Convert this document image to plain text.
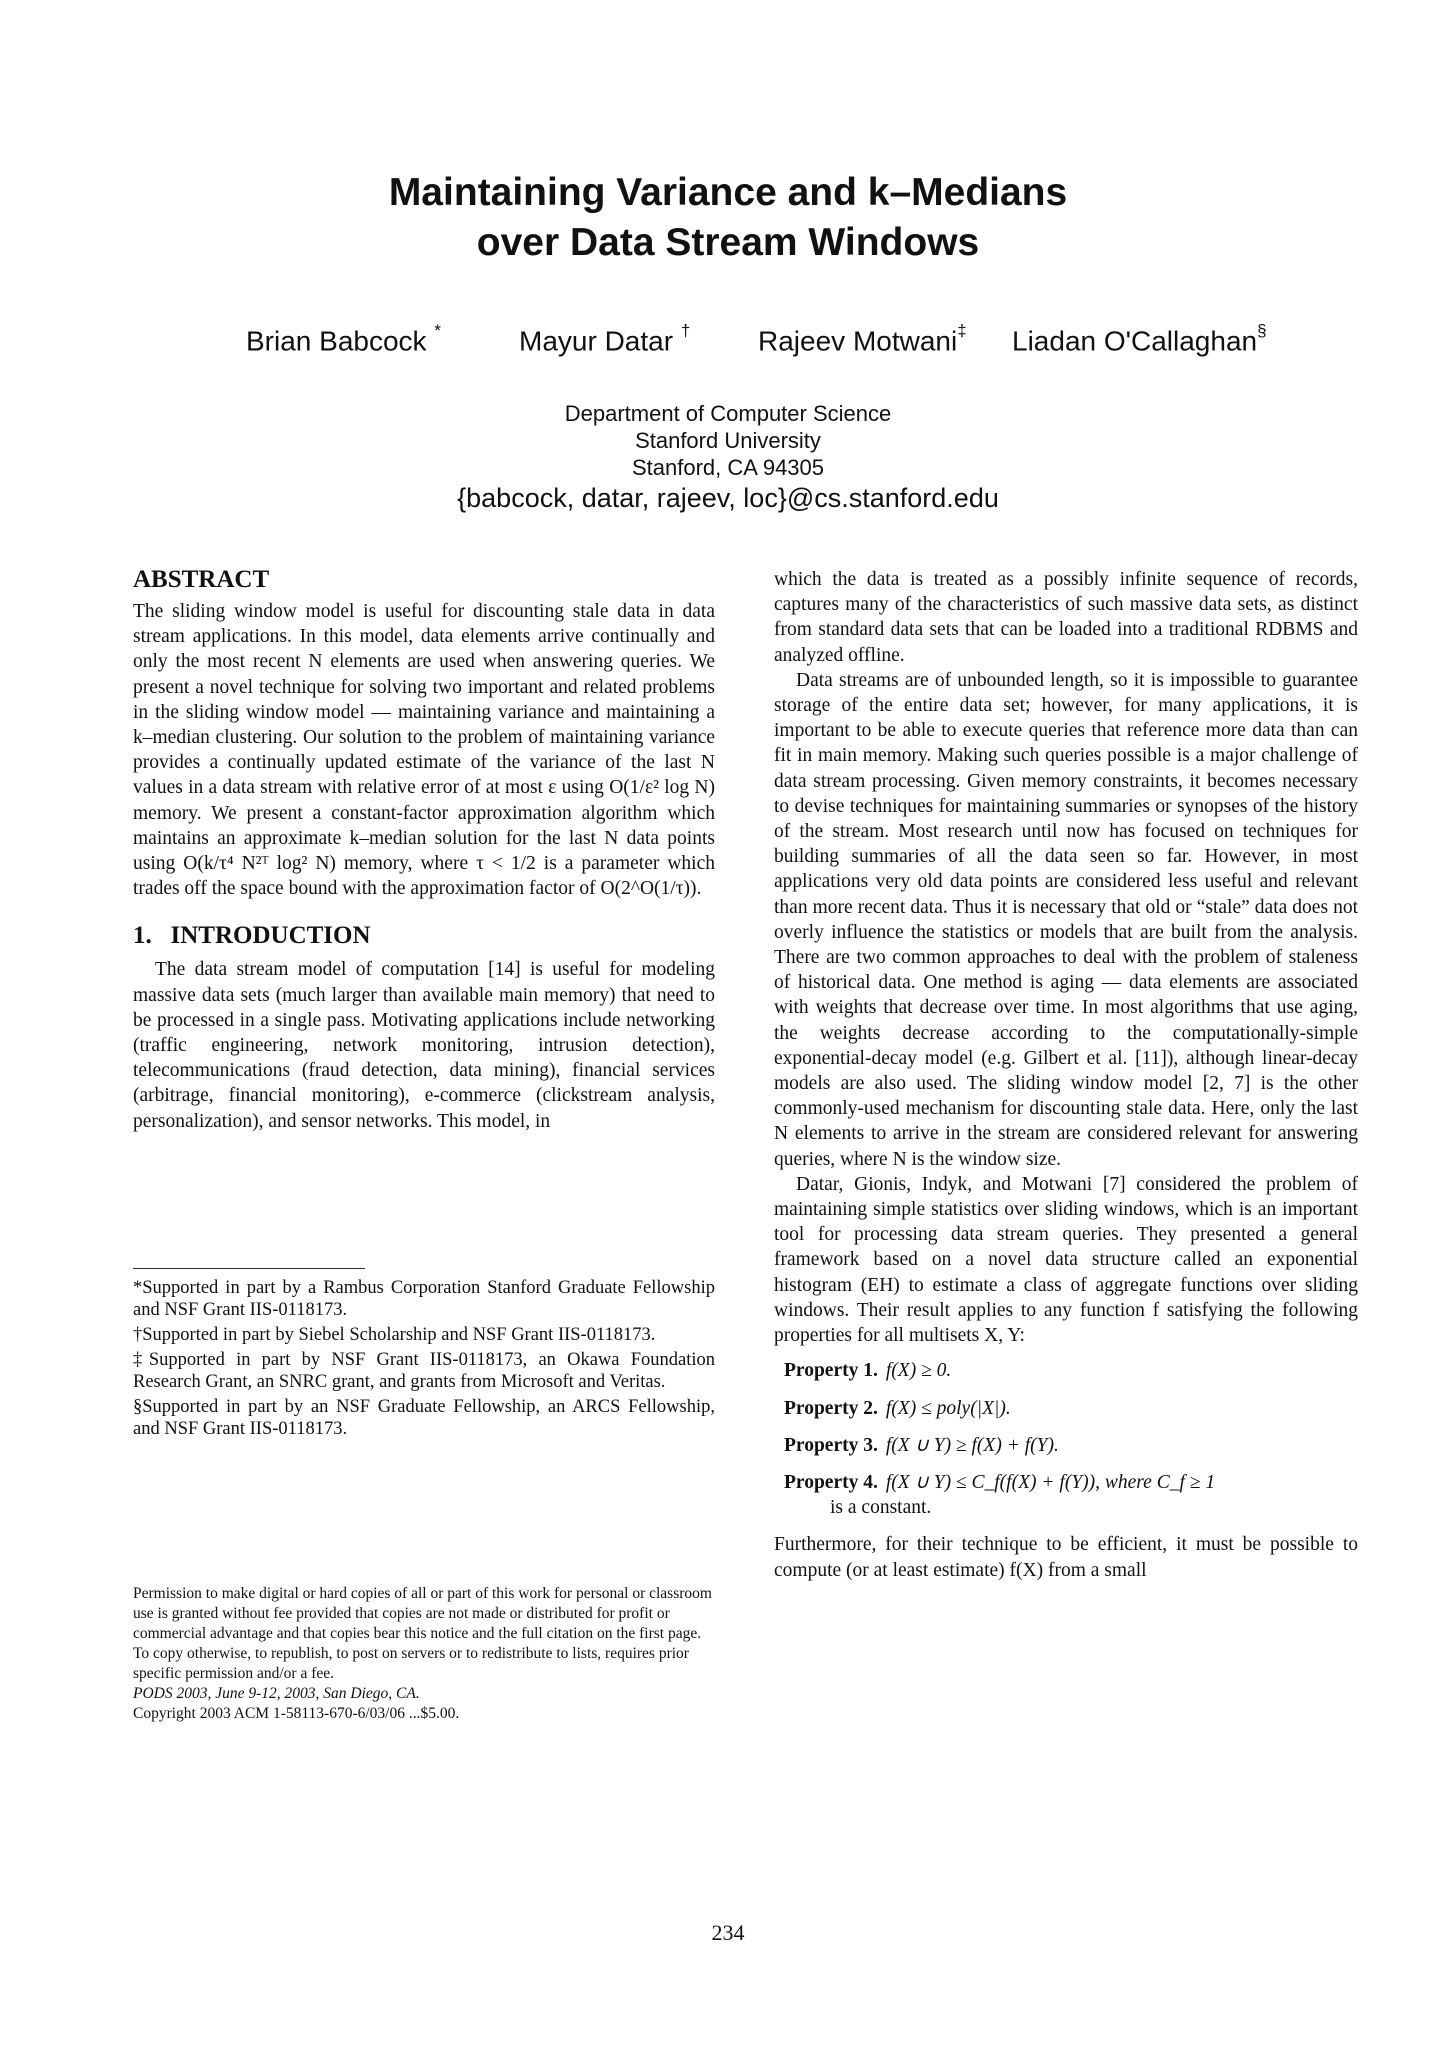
Maintaining Variance and k–Medians
over Data Stream Windows
Brian Babcock *	Mayur Datar † Rajeev Motwani‡ Liadan O'Callaghan§
Department of Computer Science
Stanford University
Stanford, CA 94305
{babcock, datar, rajeev, loc}@cs.stanford.edu
ABSTRACT

The sliding window model is useful for discounting stale data in data stream applications. In this model, data elements arrive continually and only the most recent N elements are used when answering queries. We present a novel technique for solving two important and related problems in the sliding window model — maintaining variance and maintaining a k–median clustering. Our solution to the problem of maintaining variance provides a continually updated estimate of the variance of the last N values in a data stream with relative error of at most ε using O(1/ε² log N) memory. We present a constant-factor approximation algorithm which maintains an approximate k–median solution for the last N data points using O(k/τ⁴ N²ᵀ log² N) memory, where τ < 1/2 is a parameter which trades off the space bound with the approximation factor of O(2^O(1/τ)).

1.   INTRODUCTION

The data stream model of computation [14] is useful for modeling massive data sets (much larger than available main memory) that need to be processed in a single pass. Motivating applications include networking (traffic engineering, network monitoring, intrusion detection), telecommunications (fraud detection, data mining), financial services (arbitrage, financial monitoring), e-commerce (clickstream analysis, personalization), and sensor networks. This model, in

*Supported in part by a Rambus Corporation Stanford Graduate Fellowship and NSF Grant IIS-0118173.

†Supported in part by Siebel Scholarship and NSF Grant IIS-0118173.

‡Supported in part by NSF Grant IIS-0118173, an Okawa Foundation Research Grant, an SNRC grant, and grants from Microsoft and Veritas.

§Supported in part by an NSF Graduate Fellowship, an ARCS Fellowship, and NSF Grant IIS-0118173.

Permission to make digital or hard copies of all or part of this work for personal or classroom use is granted without fee provided that copies are not made or distributed for profit or commercial advantage and that copies bear this notice and the full citation on the first page. To copy otherwise, to republish, to post on servers or to redistribute to lists, requires prior specific permission and/or a fee.

PODS 2003, June 9-12, 2003, San Diego, CA.

Copyright 2003 ACM 1-58113-670-6/03/06 ...$5.00.

which the data is treated as a possibly infinite sequence of records, captures many of the characteristics of such massive data sets, as distinct from standard data sets that can be loaded into a traditional RDBMS and analyzed offline.

Data streams are of unbounded length, so it is impossible to guarantee storage of the entire data set; however, for many applications, it is important to be able to execute queries that reference more data than can fit in main memory. Making such queries possible is a major challenge of data stream processing. Given memory constraints, it becomes necessary to devise techniques for maintaining summaries or synopses of the history of the stream. Most research until now has focused on techniques for building summaries of all the data seen so far. However, in most applications very old data points are considered less useful and relevant than more recent data. Thus it is necessary that old or “stale” data does not overly influence the statistics or models that are built from the analysis. There are two common approaches to deal with the problem of staleness of historical data. One method is aging — data elements are associated with weights that decrease over time. In most algorithms that use aging, the weights decrease according to the computationally-simple exponential-decay model (e.g. Gilbert et al. [11]), although linear-decay models are also used. The sliding window model [2, 7] is the other commonly-used mechanism for discounting stale data. Here, only the last N elements to arrive in the stream are considered relevant for answering queries, where N is the window size.

Datar, Gionis, Indyk, and Motwani [7] considered the problem of maintaining simple statistics over sliding windows, which is an important tool for processing data stream queries. They presented a general framework based on a novel data structure called an exponential histogram (EH) to estimate a class of aggregate functions over sliding windows. Their result applies to any function f satisfying the following properties for all multisets X, Y:

Property 1. f(X) ≥ 0.
Property 2. f(X) ≤ poly(|X|).
Property 3. f(X ∪ Y) ≥ f(X) + f(Y).
Property 4. f(X ∪ Y) ≤ C_f(f(X) + f(Y)), where C_f ≥ 1
is a constant.

Furthermore, for their technique to be efficient, it must be possible to compute (or at least estimate) f(X) from a small

234
